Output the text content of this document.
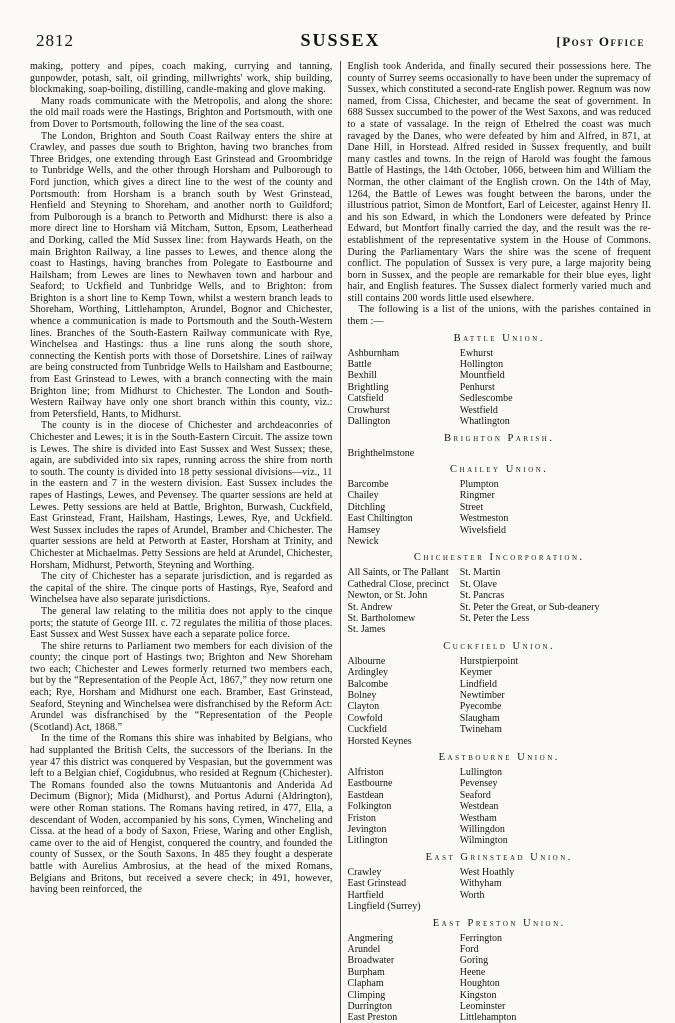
2812	SUSSEX	[Post Office

making, pottery and pipes, coach making, currying and tanning, gunpowder, potash, salt, oil grinding, millwrights' work, ship building, blockmaking, soap-boiling, distilling, candle-making and glove making.

Many roads communicate with the Metropolis, and along the shore: the old mail roads were the Hastings, Brighton and Portsmouth, with one from Dover to Portsmouth, following the line of the sea coast.

The London, Brighton and South Coast Railway enters the shire at Crawley, and passes due south to Brighton, having two branches from Three Bridges, one extending through East Grinstead and Groombridge to Tunbridge Wells, and the other through Horsham and Pulborough to Ford junction, which gives a direct line to the west of the county and Portsmouth: from Horsham is a branch south by West Grinstead, Henfield and Steyning to Shoreham, and another north to Guildford; from Pulborough is a branch to Petworth and Midhurst: there is also a more direct line to Horsham viâ Mitcham, Sutton, Epsom, Leatherhead and Dorking, called the Mid Sussex line: from Haywards Heath, on the main Brighton Railway, a line passes to Lewes, and thence along the coast to Hastings, having branches from Polegate to Eastbourne and Hailsham; from Lewes are lines to Newhaven town and harbour and Seaford; to Uckfield and Tunbridge Wells, and to Brighton: from Brighton is a short line to Kemp Town, whilst a western branch leads to Shoreham, Worthing, Littlehampton, Arundel, Bognor and Chichester, whence a communication is made to Portsmouth and the South-Western lines. Branches of the South-Eastern Railway communicate with Rye, Winchelsea and Hastings: thus a line runs along the south shore, connecting the Kentish ports with those of Dorsetshire. Lines of railway are being constructed from Tunbridge Wells to Hailsham and Eastbourne; from East Grinstead to Lewes, with a branch connecting with the main Brighton line; from Midhurst to Chichester. The London and South-Western Railway have only one short branch within this county, viz.: from Petersfield, Hants, to Midhurst.

The county is in the diocese of Chichester and archdeaconries of Chichester and Lewes; it is in the South-Eastern Circuit. The assize town is Lewes. The shire is divided into East Sussex and West Sussex; these, again, are subdivided into six rapes, running across the shire from north to south. The county is divided into 18 petty sessional divisions—viz., 11 in the eastern and 7 in the western division. East Sussex includes the rapes of Hastings, Lewes, and Pevensey. The quarter sessions are held at Lewes. Petty sessions are held at Battle, Brighton, Burwash, Cuckfield, East Grinstead, Frant, Hailsham, Hastings, Lewes, Rye, and Uckfield. West Sussex includes the rapes of Arundel, Bramber and Chichester. The quarter sessions are held at Petworth at Easter, Horsham at Trinity, and Chichester at Michaelmas. Petty Sessions are held at Arundel, Chichester, Horsham, Midhurst, Petworth, Steyning and Worthing.

The city of Chichester has a separate jurisdiction, and is regarded as the capital of the shire. The cinque ports of Hastings, Rye, Seaford and Winchelsea have also separate jurisdictions.

The general law relating to the militia does not apply to the cinque ports; the statute of George III. c. 72 regulates the militia of those places. East Sussex and West Sussex have each a separate police force.

The shire returns to Parliament two members for each division of the county; the cinque port of Hastings two; Brighton and New Shoreham two each; Chichester and Lewes formerly returned two members each, but by the “Representation of the People Act, 1867,” they now return one each; Rye, Horsham and Midhurst one each. Bramber, East Grinstead, Seaford, Steyning and Winchelsea were disfranchised by the Reform Act: Arundel was disfranchised by the “Representation of the People (Scotland) Act, 1868.”

In the time of the Romans this shire was inhabited by Belgians, who had supplanted the British Celts, the successors of the Iberians. In the year 47 this district was conquered by Vespasian, but the government was left to a Belgian chief, Cogidubnus, who resided at Regnum (Chichester). The Romans founded also the towns Mutuantonis and Anderida Ad Decimum (Bignor); Mida (Midhurst), and Portus Adurni (Aldrington), were other Roman stations. The Romans having retired, in 477, Ella, a descendant of Woden, accompanied by his sons, Cymen, Wincheling and Cissa. at the head of a body of Saxon, Friese, Waring and other English, came over to the aid of Hengist, conquered the country, and founded the county of Sussex, or the South Saxons. In 485 they fought a desperate battle with Aurelius Ambrosius, at the head of the mixed Romans, Belgians and Britons, but received a severe check; in 491, however, having been reinforced, the

English took Anderida, and finally secured their possessions here. The county of Surrey seems occasionally to have been under the supremacy of Sussex, which constituted a second-rate English power. Regnum was now named, from Cissa, Chichester, and became the seat of government. In 688 Sussex succumbed to the power of the West Saxons, and was reduced to a state of vassalage. In the reign of Ethelred the coast was much ravaged by the Danes, who were defeated by him and Alfred, in 871, at Dane Hill, in Horstead. Alfred resided in Sussex frequently, and built many castles and towns. In the reign of Harold was fought the famous Battle of Hastings, the 14th October, 1066, between him and William the Norman, the other claimant of the English crown. On the 14th of May, 1264, the Battle of Lewes was fought between the barons, under the illustrious patriot, Simon de Montfort, Earl of Leicester, against Henry II. and his son Edward, in which the Londoners were defeated by Prince Edward, but Montfort finally carried the day, and the result was the re-establishment of the representative system in the House of Commons. During the Parliamentary Wars the shire was the scene of frequent conflict. The population of Sussex is very pure, a large majority being born in Sussex, and the people are remarkable for their blue eyes, light hair, and English features. The Sussex dialect formerly varied much and still contains 200 words little used elsewhere.

The following is a list of the unions, with the parishes contained in them :—

Battle Union.
Ashburnham
Battle
Bexhill
Brightling
Catsfield
Crowhurst
Dallington
Ewhurst
Hollington
Mountfield
Penhurst
Sedlescombe
Westfield
Whatlington
Brighton Parish.
Brighthelmstone
Chailey Union.
Barcombe
Chailey
Ditchling
East Chiltington
Hamsey
Newick
Plumpton
Ringmer
Street
Westmeston
Wivelsfield
Chichester Incorporation.
All Saints, or The Pallant
Cathedral Close, precinct
Newton, or St. John
St. Andrew
St. Bartholomew
St. James
St. Martin
St. Olave
St. Pancras
St. Peter the Great, or Sub-deanery
St. Peter the Less
Cuckfield Union.
Albourne
Ardingley
Balcombe
Bolney
Clayton
Cowfold
Cuckfield
Horsted Keynes
Hurstpierpoint
Keymer
Lindfield
Newtimber
Pyecombe
Slaugham
Twineham
Eastbourne Union.
Alfriston
Eastbourne
Eastdean
Folkington
Friston
Jevington
Litlington
Lullington
Pevensey
Seaford
Westdean
Westham
Willingdon
Wilmington
East Grinstead Union.
Crawley
East Grinstead
Hartfield
Lingfield (Surrey)
West Hoathly
Withyham
Worth
East Preston Union.
Angmering
Arundel
Broadwater
Burpham
Clapham
Climping
Durrington
East Preston
Ferrington
Ford
Goring
Heene
Houghton
Kingston
Leominster
Littlehampton
